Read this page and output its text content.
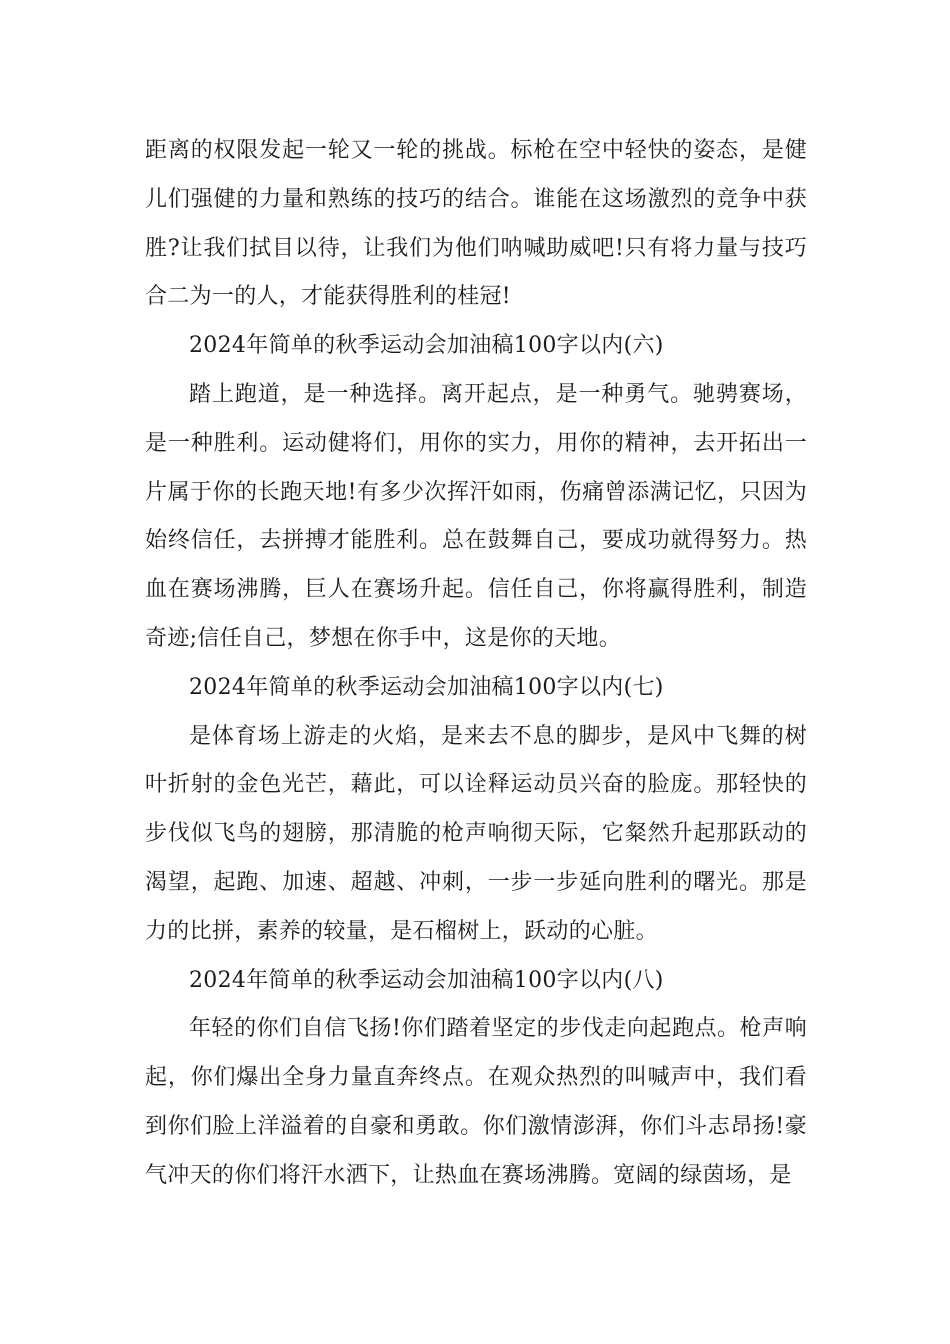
距离的权限发起一轮又一轮的挑战。标枪在空中轻快的姿态，是健儿们强健的力量和熟练的技巧的结合。谁能在这场激烈的竞争中获胜?让我们拭目以待，让我们为他们呐喊助威吧!只有将力量与技巧合二为一的人，才能获得胜利的桂冠!

2024年简单的秋季运动会加油稿100字以内(六)

踏上跑道，是一种选择。离开起点，是一种勇气。驰骋赛场，是一种胜利。运动健将们，用你的实力，用你的精神，去开拓出一片属于你的长跑天地!有多少次挥汗如雨，伤痛曾添满记忆，只因为始终信任，去拼搏才能胜利。总在鼓舞自己，要成功就得努力。热血在赛场沸腾，巨人在赛场升起。信任自己，你将赢得胜利，制造奇迹;信任自己，梦想在你手中，这是你的天地。

2024年简单的秋季运动会加油稿100字以内(七)

是体育场上游走的火焰，是来去不息的脚步，是风中飞舞的树叶折射的金色光芒，藉此，可以诠释运动员兴奋的脸庞。那轻快的步伐似飞鸟的翅膀，那清脆的枪声响彻天际，它粲然升起那跃动的渴望，起跑、加速、超越、冲刺，一步一步延向胜利的曙光。那是力的比拼，素养的较量，是石榴树上，跃动的心脏。

2024年简单的秋季运动会加油稿100字以内(八)

年轻的你们自信飞扬!你们踏着坚定的步伐走向起跑点。枪声响起，你们爆出全身力量直奔终点。在观众热烈的叫喊声中，我们看到你们脸上洋溢着的自豪和勇敢。你们激情澎湃，你们斗志昂扬!豪气冲天的你们将汗水洒下，让热血在赛场沸腾。宽阔的绿茵场，是
